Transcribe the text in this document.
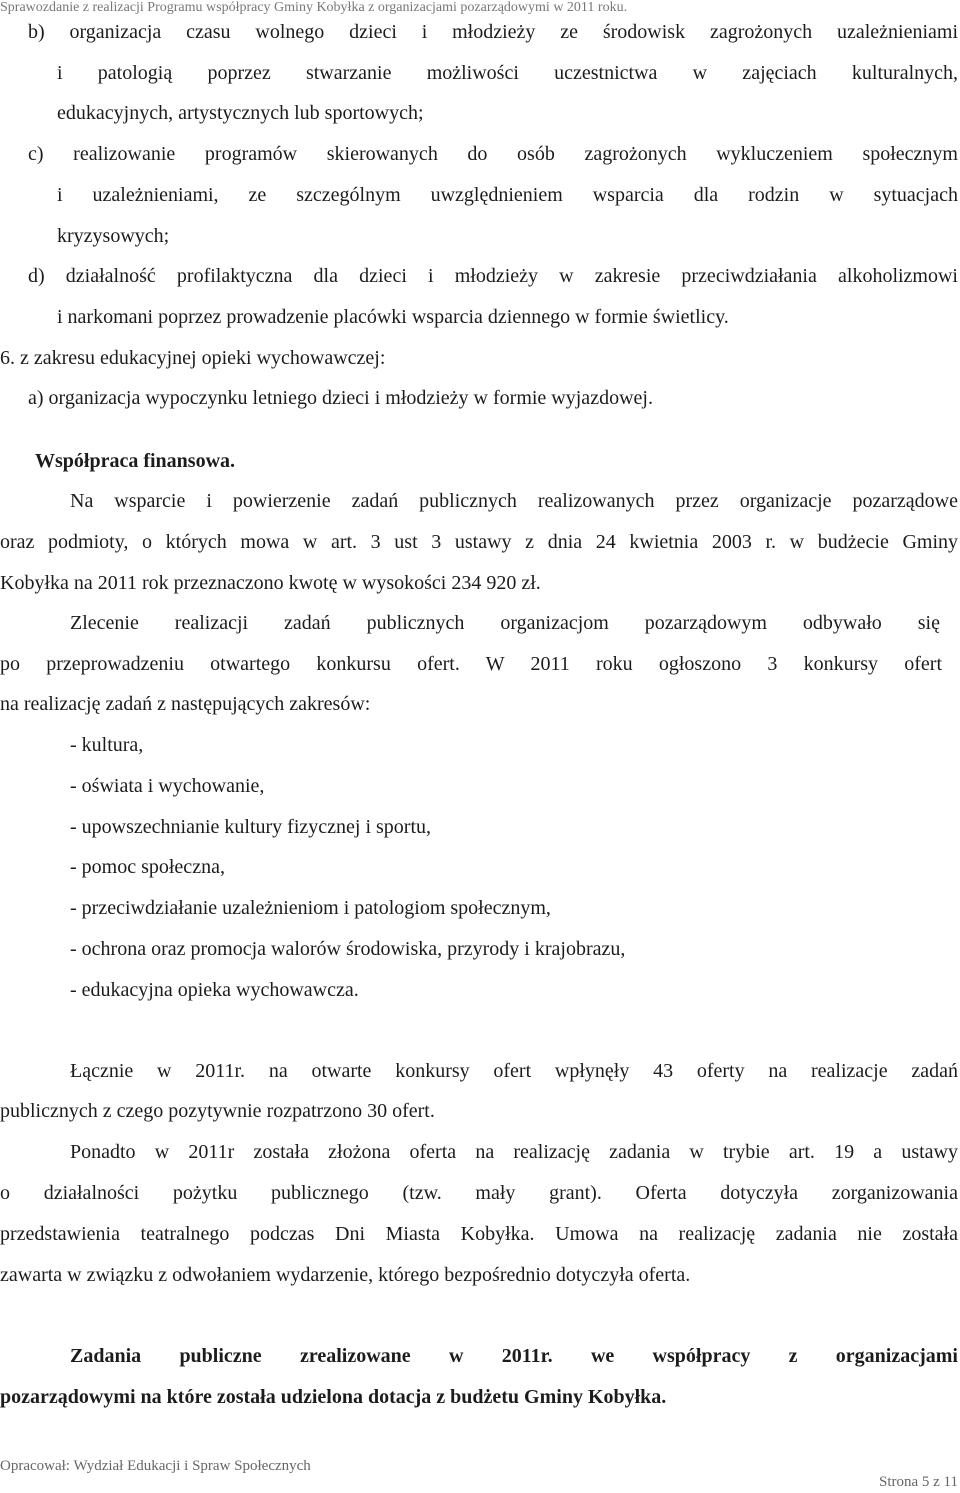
Sprawozdanie z realizacji Programu współpracy Gminy Kobyłka z organizacjami pozarządowymi w 2011 roku.
b) organizacja czasu wolnego dzieci i młodzieży ze środowisk zagrożonych uzależnieniami
i patologią poprzez stwarzanie możliwości uczestnictwa w zajęciach kulturalnych,
edukacyjnych, artystycznych lub sportowych;
c) realizowanie programów skierowanych do osób zagrożonych wykluczeniem społecznym
i uzależnieniami, ze szczególnym uwzględnieniem wsparcia dla rodzin w sytuacjach
kryzysowych;
d) działalność profilaktyczna dla dzieci i młodzieży w zakresie przeciwdziałania alkoholizmowi
i narkomani poprzez prowadzenie placówki wsparcia dziennego w formie świetlicy.
6. z zakresu edukacyjnej opieki wychowawczej:
a) organizacja wypoczynku letniego dzieci i młodzieży w formie wyjazdowej.
Współpraca finansowa.
Na wsparcie i powierzenie zadań publicznych realizowanych przez organizacje pozarządowe
oraz podmioty, o których mowa w art. 3 ust 3 ustawy z dnia 24 kwietnia 2003 r. w budżecie Gminy
Kobyłka na 2011 rok przeznaczono kwotę w wysokości 234 920 zł.
Zlecenie realizacji zadań publicznych organizacjom pozarządowym odbywało się
po przeprowadzeniu otwartego konkursu ofert. W 2011 roku ogłoszono 3 konkursy ofert
na realizację zadań z następujących zakresów:
- kultura,
- oświata i wychowanie,
- upowszechnianie kultury fizycznej i sportu,
- pomoc społeczna,
- przeciwdziałanie uzależnieniom i patologiom społecznym,
- ochrona oraz promocja walorów środowiska, przyrody i krajobrazu,
- edukacyjna opieka wychowawcza.
Łącznie w 2011r. na otwarte konkursy ofert wpłynęły 43 oferty na realizacje zadań
publicznych z czego pozytywnie rozpatrzono 30 ofert.
Ponadto w 2011r została złożona oferta na realizację zadania w trybie art. 19 a ustawy
o działalności pożytku publicznego (tzw. mały grant). Oferta dotyczyła zorganizowania
przedstawienia teatralnego podczas Dni Miasta Kobyłka. Umowa na realizację zadania nie została
zawarta w związku z odwołaniem wydarzenie, którego bezpośrednio dotyczyła oferta.
Zadania publiczne zrealizowane w 2011r. we współpracy z organizacjami
pozarządowymi na które została udzielona dotacja z budżetu Gminy Kobyłka.
Opracował: Wydział Edukacji i Spraw Społecznych
Strona 5 z 11
